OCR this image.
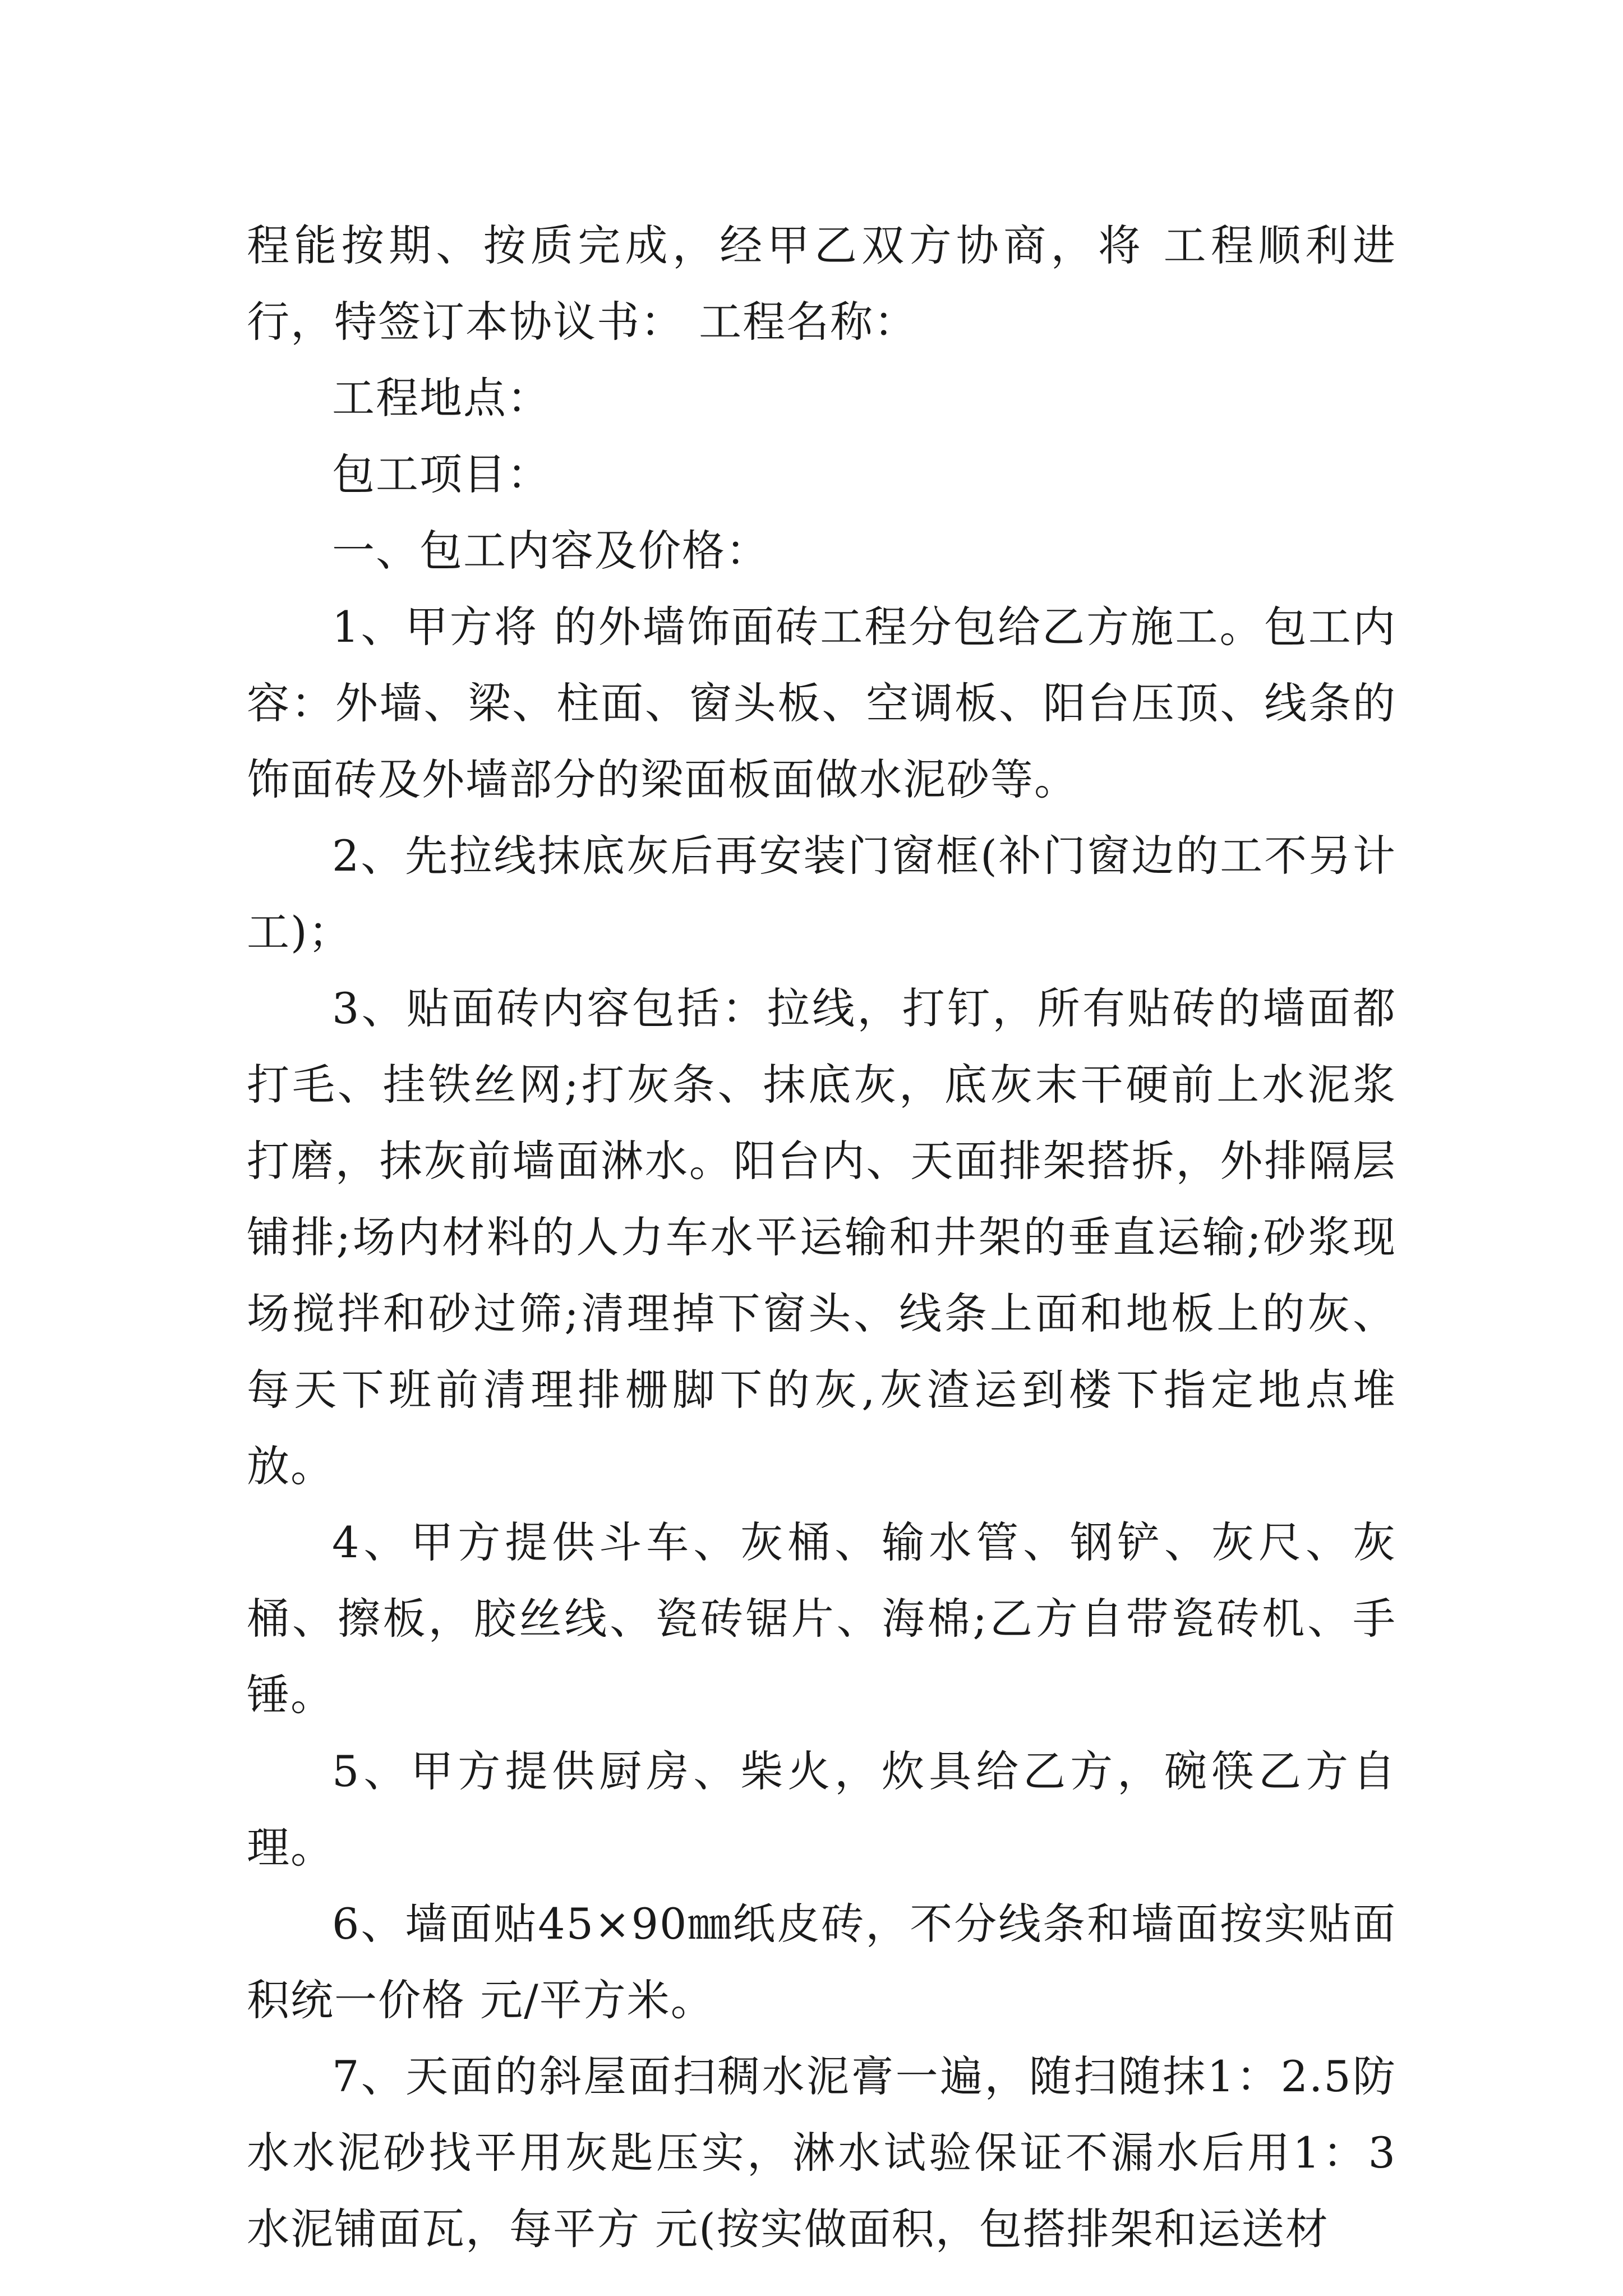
程能按期、按质完成，经甲乙双方协商，将 工程顺利进行，特签订本协议书： 工程名称：

工程地点：

包工项目：

一、包工内容及价格：

1、甲方将 的外墙饰面砖工程分包给乙方施工。包工内容：外墙、梁、柱面、窗头板、空调板、阳台压顶、线条的饰面砖及外墙部分的梁面板面做水泥砂等。

2、先拉线抹底灰后再安装门窗框(补门窗边的工不另计工)；

3、贴面砖内容包括：拉线，打钉，所有贴砖的墙面都打毛、挂铁丝网;打灰条、抹底灰，底灰末干硬前上水泥浆打磨，抹灰前墙面淋水。阳台内、天面排架搭拆，外排隔层铺排;场内材料的人力车水平运输和井架的垂直运输;砂浆现场搅拌和砂过筛;清理掉下窗头、线条上面和地板上的灰、每天下班前清理排栅脚下的灰,灰渣运到楼下指定地点堆放。

4、甲方提供斗车、灰桶、输水管、钢铲、灰尺、灰桶、擦板，胶丝线、瓷砖锯片、海棉;乙方自带瓷砖机、手锤。

5、甲方提供厨房、柴火，炊具给乙方，碗筷乙方自理。

6、墙面贴45×90㎜纸皮砖，不分线条和墙面按实贴面积统一价格 元/平方米。

7、天面的斜屋面扫稠水泥膏一遍，随扫随抹1：2.5防水水泥砂找平用灰匙压实，淋水试验保证不漏水后用1：3水泥铺面瓦，每平方 元(按实做面积，包搭排架和运送材
